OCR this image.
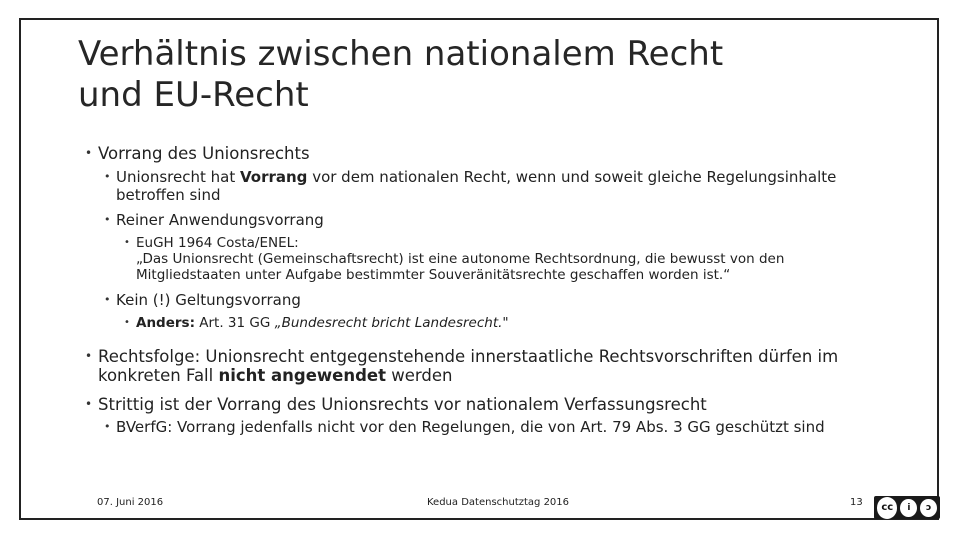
Verhältnis zwischen nationalem Recht
und EU-Recht
• Vorrang des Unionsrechts
• Unionsrecht hat Vorrang vor dem nationalen Recht, wenn und soweit gleiche Regelungsinhalte betroffen sind
• Reiner Anwendungsvorrang
• EuGH 1964 Costa/ENEL:
„Das Unionsrecht (Gemeinschaftsrecht) ist eine autonome Rechtsordnung, die bewusst von den Mitgliedstaaten unter Aufgabe bestimmter Souveränitätsrechte geschaffen worden ist.“
• Kein (!) Geltungsvorrang
• Anders: Art. 31 GG „Bundesrecht bricht Landesrecht."
• Rechtsfolge: Unionsrecht entgegenstehende innerstaatliche Rechtsvorschriften dürfen im konkreten Fall nicht angewendet werden
• Strittig ist der Vorrang des Unionsrechts vor nationalem Verfassungsrecht
• BVerfG: Vorrang jedenfalls nicht vor den Regelungen, die von Art. 79 Abs. 3 GG geschützt sind
07. Juni 2016	Kedua Datenschutztag 2016	13	cc	i	ↄ
